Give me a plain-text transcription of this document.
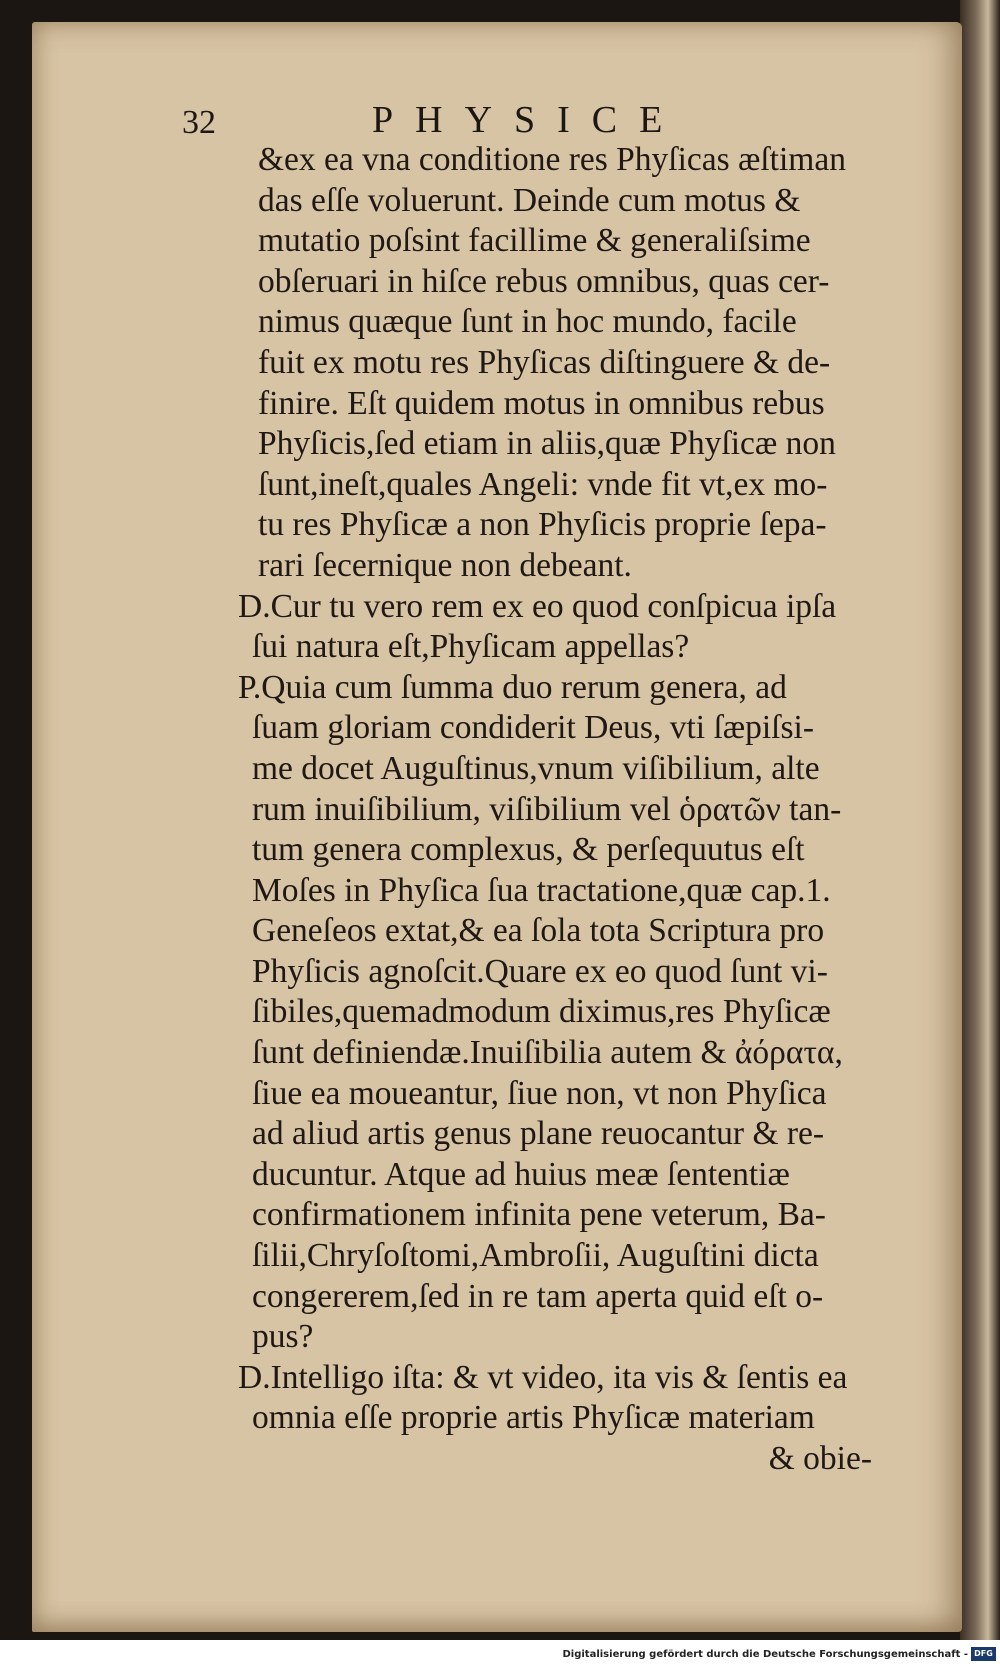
32	PHYSICE
&ex ea vna conditione res Phyſicas æſtiman
das eſſe voluerunt. Deinde cum motus &
mutatio poſsint facillime & generaliſsime
obſeruari in hiſce rebus omnibus, quas cer-
nimus quæque ſunt in hoc mundo, facile
fuit ex motu res Phyſicas diſtinguere & de-
finire. Eſt quidem motus in omnibus rebus
Phyſicis,ſed etiam in aliis,quæ Phyſicæ non
ſunt,ineſt,quales Angeli: vnde fit vt,ex mo-
tu res Phyſicæ a non Phyſicis proprie ſepa-
rari ſecernique non debeant.
D.Cur tu vero rem ex eo quod conſpicua ipſa
ſui natura eſt,Phyſicam appellas?
P.Quia cum ſumma duo rerum genera, ad
ſuam gloriam condiderit Deus, vti ſæpiſsi-
me docet Auguſtinus,vnum viſibilium, alte
rum inuiſibilium, viſibilium vel ὁρατῶν tan-
tum genera complexus, & perſequutus eſt
Moſes in Phyſica ſua tractatione,quæ cap.1.
Geneſeos extat,& ea ſola tota Scriptura pro
Phyſicis agnoſcit.Quare ex eo quod ſunt vi-
ſibiles,quemadmodum diximus,res Phyſicæ
ſunt definiendæ.Inuiſibilia autem & ἀόρατα,
ſiue ea moueantur, ſiue non, vt non Phyſica
ad aliud artis genus plane reuocantur & re-
ducuntur. Atque ad huius meæ ſententiæ
confirmationem infinita pene veterum, Ba-
ſilii,Chryſoſtomi,Ambroſii, Auguſtini dicta
congererem,ſed in re tam aperta quid eſt o-
pus?
D.Intelligo iſta: & vt video, ita vis & ſentis ea
omnia eſſe proprie artis Phyſicæ materiam
& obie-
Digitalisierung gefördert durch die Deutsche Forschungsgemeinschaft - DFG
